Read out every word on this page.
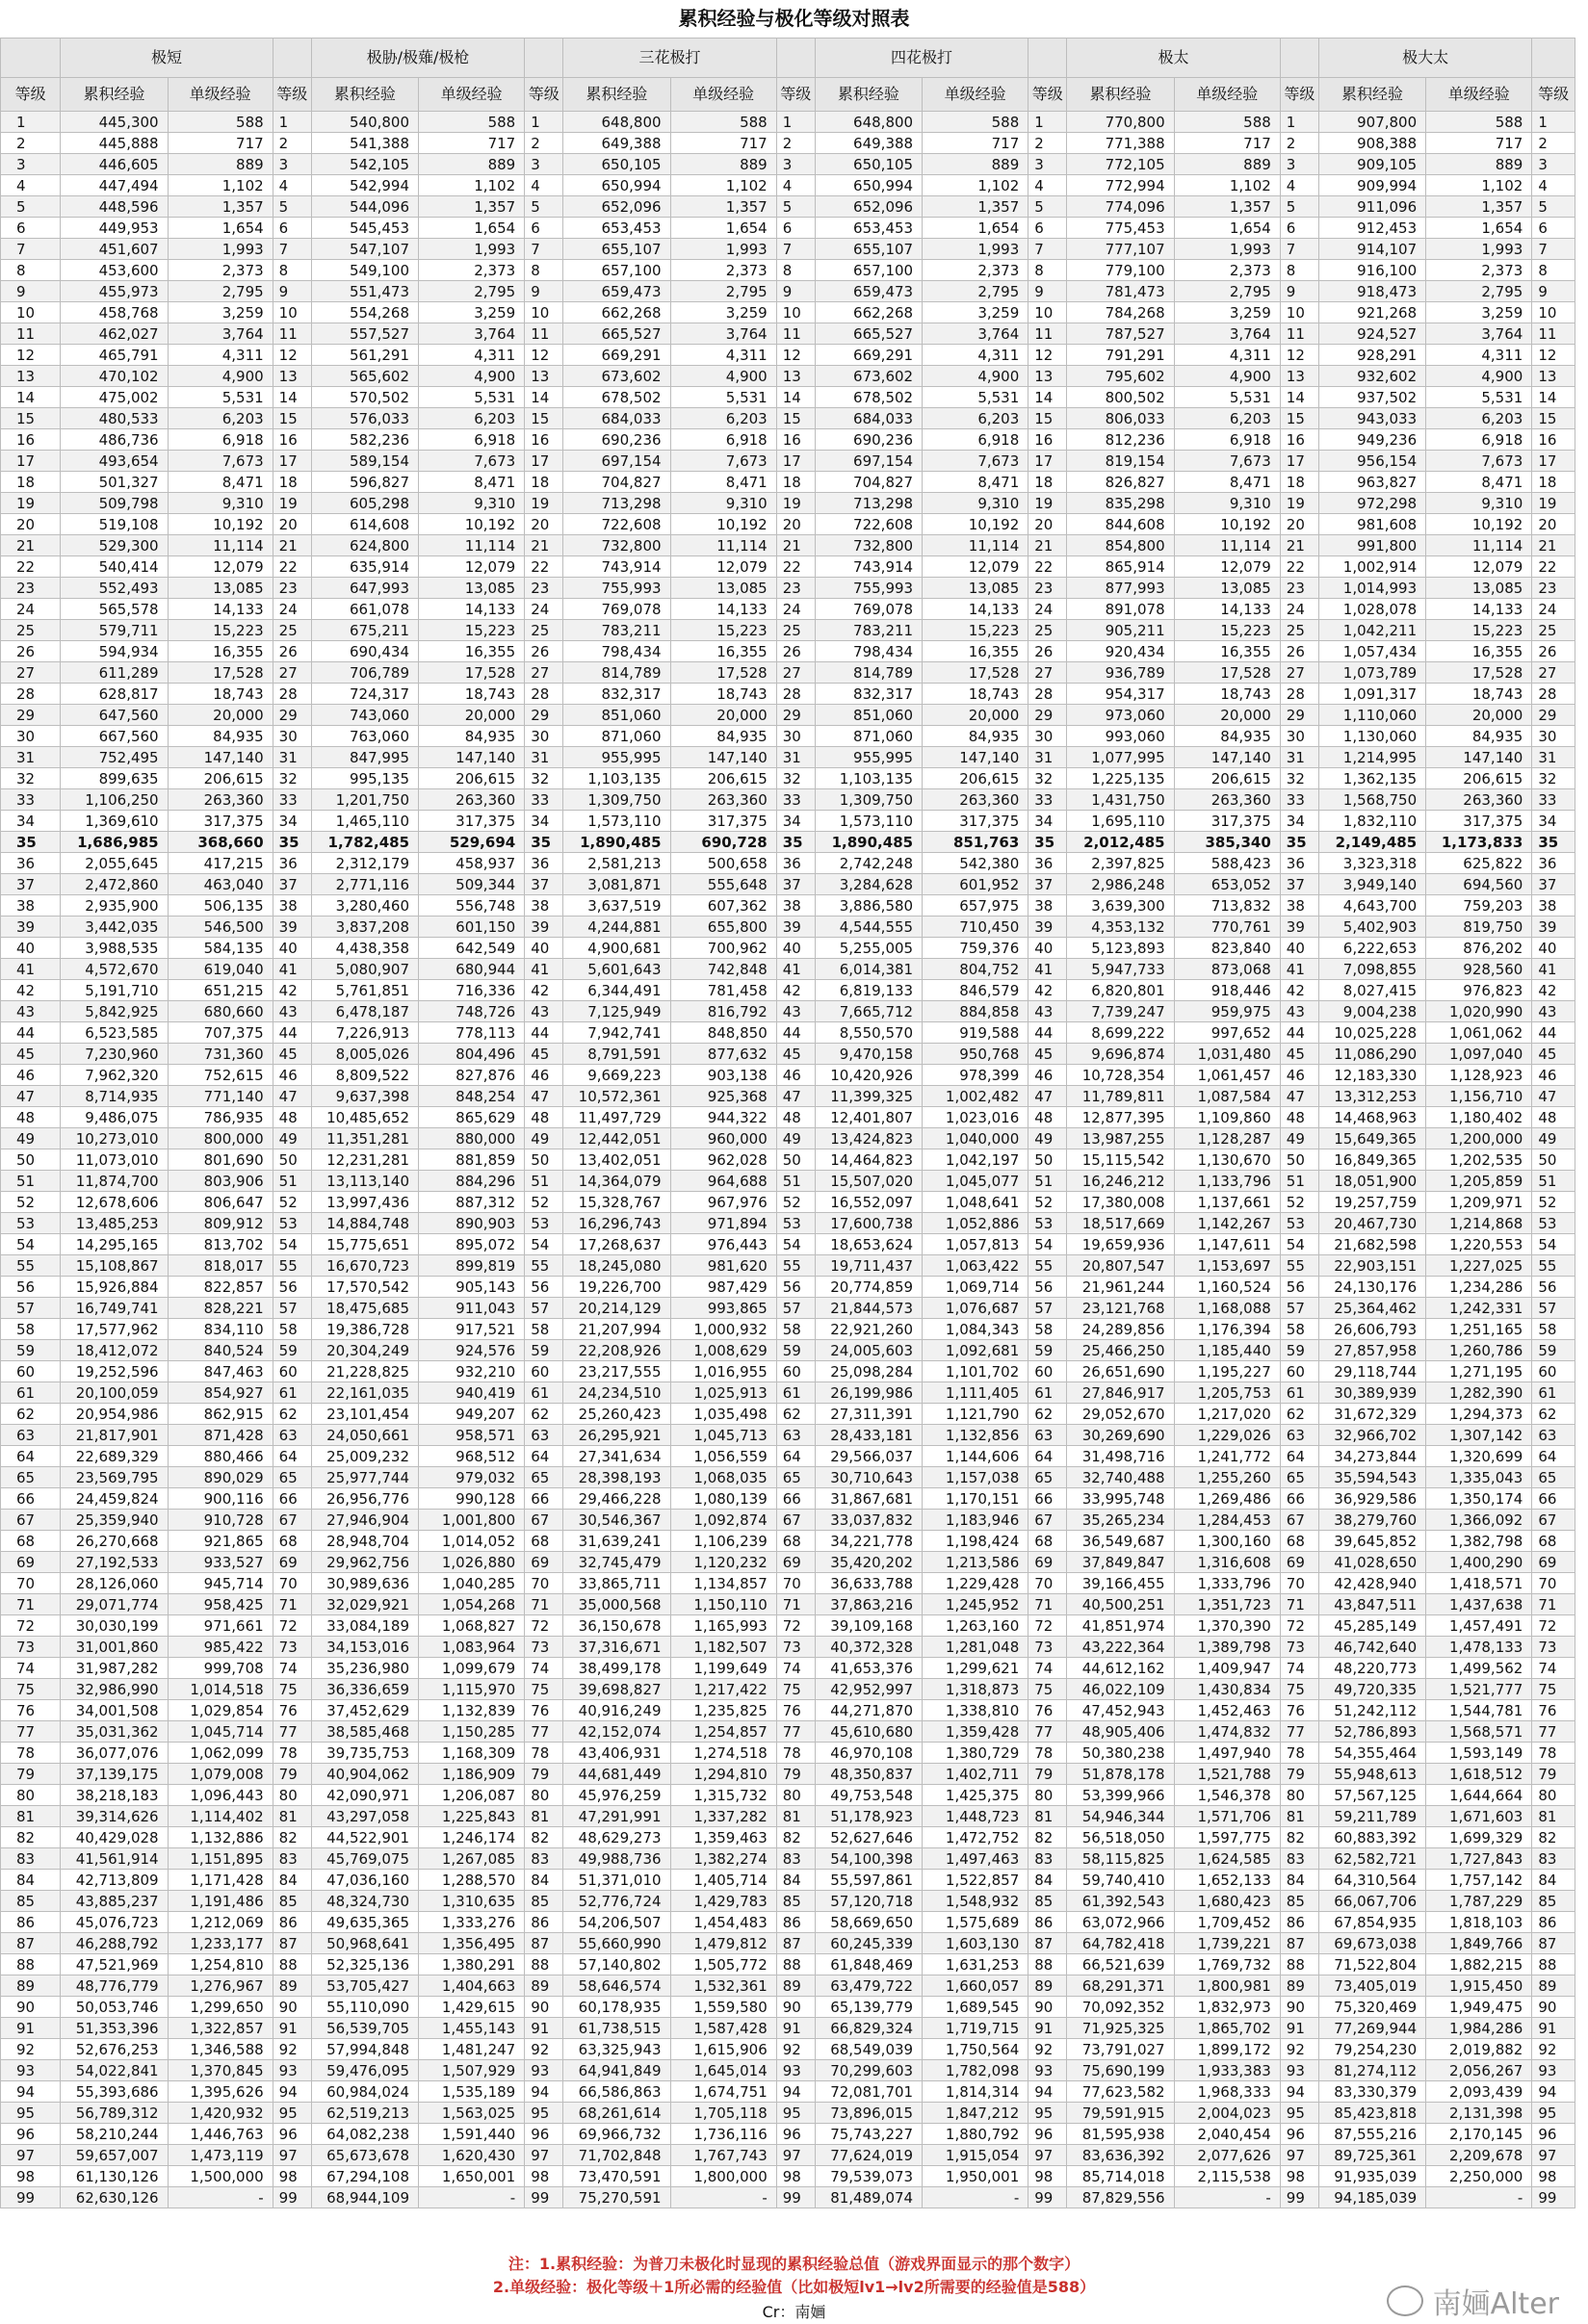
累积经验与极化等级对照表
	极短			极胁/极薙/极枪			三花极打			四花极打			极太			极大太		
等级	累积经验	单级经验	等级	累积经验	单级经验	等级	累积经验	单级经验	等级	累积经验	单级经验	等级	累积经验	单级经验	等级	累积经验	单级经验	等级
1	445,300	588	1	540,800	588	1	648,800	588	1	648,800	588	1	770,800	588	1	907,800	588	1
2	445,888	717	2	541,388	717	2	649,388	717	2	649,388	717	2	771,388	717	2	908,388	717	2
3	446,605	889	3	542,105	889	3	650,105	889	3	650,105	889	3	772,105	889	3	909,105	889	3
4	447,494	1,102	4	542,994	1,102	4	650,994	1,102	4	650,994	1,102	4	772,994	1,102	4	909,994	1,102	4
5	448,596	1,357	5	544,096	1,357	5	652,096	1,357	5	652,096	1,357	5	774,096	1,357	5	911,096	1,357	5
6	449,953	1,654	6	545,453	1,654	6	653,453	1,654	6	653,453	1,654	6	775,453	1,654	6	912,453	1,654	6
7	451,607	1,993	7	547,107	1,993	7	655,107	1,993	7	655,107	1,993	7	777,107	1,993	7	914,107	1,993	7
8	453,600	2,373	8	549,100	2,373	8	657,100	2,373	8	657,100	2,373	8	779,100	2,373	8	916,100	2,373	8
9	455,973	2,795	9	551,473	2,795	9	659,473	2,795	9	659,473	2,795	9	781,473	2,795	9	918,473	2,795	9
10	458,768	3,259	10	554,268	3,259	10	662,268	3,259	10	662,268	3,259	10	784,268	3,259	10	921,268	3,259	10
11	462,027	3,764	11	557,527	3,764	11	665,527	3,764	11	665,527	3,764	11	787,527	3,764	11	924,527	3,764	11
12	465,791	4,311	12	561,291	4,311	12	669,291	4,311	12	669,291	4,311	12	791,291	4,311	12	928,291	4,311	12
13	470,102	4,900	13	565,602	4,900	13	673,602	4,900	13	673,602	4,900	13	795,602	4,900	13	932,602	4,900	13
14	475,002	5,531	14	570,502	5,531	14	678,502	5,531	14	678,502	5,531	14	800,502	5,531	14	937,502	5,531	14
15	480,533	6,203	15	576,033	6,203	15	684,033	6,203	15	684,033	6,203	15	806,033	6,203	15	943,033	6,203	15
16	486,736	6,918	16	582,236	6,918	16	690,236	6,918	16	690,236	6,918	16	812,236	6,918	16	949,236	6,918	16
17	493,654	7,673	17	589,154	7,673	17	697,154	7,673	17	697,154	7,673	17	819,154	7,673	17	956,154	7,673	17
18	501,327	8,471	18	596,827	8,471	18	704,827	8,471	18	704,827	8,471	18	826,827	8,471	18	963,827	8,471	18
19	509,798	9,310	19	605,298	9,310	19	713,298	9,310	19	713,298	9,310	19	835,298	9,310	19	972,298	9,310	19
20	519,108	10,192	20	614,608	10,192	20	722,608	10,192	20	722,608	10,192	20	844,608	10,192	20	981,608	10,192	20
21	529,300	11,114	21	624,800	11,114	21	732,800	11,114	21	732,800	11,114	21	854,800	11,114	21	991,800	11,114	21
22	540,414	12,079	22	635,914	12,079	22	743,914	12,079	22	743,914	12,079	22	865,914	12,079	22	1,002,914	12,079	22
23	552,493	13,085	23	647,993	13,085	23	755,993	13,085	23	755,993	13,085	23	877,993	13,085	23	1,014,993	13,085	23
24	565,578	14,133	24	661,078	14,133	24	769,078	14,133	24	769,078	14,133	24	891,078	14,133	24	1,028,078	14,133	24
25	579,711	15,223	25	675,211	15,223	25	783,211	15,223	25	783,211	15,223	25	905,211	15,223	25	1,042,211	15,223	25
26	594,934	16,355	26	690,434	16,355	26	798,434	16,355	26	798,434	16,355	26	920,434	16,355	26	1,057,434	16,355	26
27	611,289	17,528	27	706,789	17,528	27	814,789	17,528	27	814,789	17,528	27	936,789	17,528	27	1,073,789	17,528	27
28	628,817	18,743	28	724,317	18,743	28	832,317	18,743	28	832,317	18,743	28	954,317	18,743	28	1,091,317	18,743	28
29	647,560	20,000	29	743,060	20,000	29	851,060	20,000	29	851,060	20,000	29	973,060	20,000	29	1,110,060	20,000	29
30	667,560	84,935	30	763,060	84,935	30	871,060	84,935	30	871,060	84,935	30	993,060	84,935	30	1,130,060	84,935	30
31	752,495	147,140	31	847,995	147,140	31	955,995	147,140	31	955,995	147,140	31	1,077,995	147,140	31	1,214,995	147,140	31
32	899,635	206,615	32	995,135	206,615	32	1,103,135	206,615	32	1,103,135	206,615	32	1,225,135	206,615	32	1,362,135	206,615	32
33	1,106,250	263,360	33	1,201,750	263,360	33	1,309,750	263,360	33	1,309,750	263,360	33	1,431,750	263,360	33	1,568,750	263,360	33
34	1,369,610	317,375	34	1,465,110	317,375	34	1,573,110	317,375	34	1,573,110	317,375	34	1,695,110	317,375	34	1,832,110	317,375	34
35	1,686,985	368,660	35	1,782,485	529,694	35	1,890,485	690,728	35	1,890,485	851,763	35	2,012,485	385,340	35	2,149,485	1,173,833	35
36	2,055,645	417,215	36	2,312,179	458,937	36	2,581,213	500,658	36	2,742,248	542,380	36	2,397,825	588,423	36	3,323,318	625,822	36
37	2,472,860	463,040	37	2,771,116	509,344	37	3,081,871	555,648	37	3,284,628	601,952	37	2,986,248	653,052	37	3,949,140	694,560	37
38	2,935,900	506,135	38	3,280,460	556,748	38	3,637,519	607,362	38	3,886,580	657,975	38	3,639,300	713,832	38	4,643,700	759,203	38
39	3,442,035	546,500	39	3,837,208	601,150	39	4,244,881	655,800	39	4,544,555	710,450	39	4,353,132	770,761	39	5,402,903	819,750	39
40	3,988,535	584,135	40	4,438,358	642,549	40	4,900,681	700,962	40	5,255,005	759,376	40	5,123,893	823,840	40	6,222,653	876,202	40
41	4,572,670	619,040	41	5,080,907	680,944	41	5,601,643	742,848	41	6,014,381	804,752	41	5,947,733	873,068	41	7,098,855	928,560	41
42	5,191,710	651,215	42	5,761,851	716,336	42	6,344,491	781,458	42	6,819,133	846,579	42	6,820,801	918,446	42	8,027,415	976,823	42
43	5,842,925	680,660	43	6,478,187	748,726	43	7,125,949	816,792	43	7,665,712	884,858	43	7,739,247	959,975	43	9,004,238	1,020,990	43
44	6,523,585	707,375	44	7,226,913	778,113	44	7,942,741	848,850	44	8,550,570	919,588	44	8,699,222	997,652	44	10,025,228	1,061,062	44
45	7,230,960	731,360	45	8,005,026	804,496	45	8,791,591	877,632	45	9,470,158	950,768	45	9,696,874	1,031,480	45	11,086,290	1,097,040	45
46	7,962,320	752,615	46	8,809,522	827,876	46	9,669,223	903,138	46	10,420,926	978,399	46	10,728,354	1,061,457	46	12,183,330	1,128,923	46
47	8,714,935	771,140	47	9,637,398	848,254	47	10,572,361	925,368	47	11,399,325	1,002,482	47	11,789,811	1,087,584	47	13,312,253	1,156,710	47
48	9,486,075	786,935	48	10,485,652	865,629	48	11,497,729	944,322	48	12,401,807	1,023,016	48	12,877,395	1,109,860	48	14,468,963	1,180,402	48
49	10,273,010	800,000	49	11,351,281	880,000	49	12,442,051	960,000	49	13,424,823	1,040,000	49	13,987,255	1,128,287	49	15,649,365	1,200,000	49
50	11,073,010	801,690	50	12,231,281	881,859	50	13,402,051	962,028	50	14,464,823	1,042,197	50	15,115,542	1,130,670	50	16,849,365	1,202,535	50
51	11,874,700	803,906	51	13,113,140	884,296	51	14,364,079	964,688	51	15,507,020	1,045,077	51	16,246,212	1,133,796	51	18,051,900	1,205,859	51
52	12,678,606	806,647	52	13,997,436	887,312	52	15,328,767	967,976	52	16,552,097	1,048,641	52	17,380,008	1,137,661	52	19,257,759	1,209,971	52
53	13,485,253	809,912	53	14,884,748	890,903	53	16,296,743	971,894	53	17,600,738	1,052,886	53	18,517,669	1,142,267	53	20,467,730	1,214,868	53
54	14,295,165	813,702	54	15,775,651	895,072	54	17,268,637	976,443	54	18,653,624	1,057,813	54	19,659,936	1,147,611	54	21,682,598	1,220,553	54
55	15,108,867	818,017	55	16,670,723	899,819	55	18,245,080	981,620	55	19,711,437	1,063,422	55	20,807,547	1,153,697	55	22,903,151	1,227,025	55
56	15,926,884	822,857	56	17,570,542	905,143	56	19,226,700	987,429	56	20,774,859	1,069,714	56	21,961,244	1,160,524	56	24,130,176	1,234,286	56
57	16,749,741	828,221	57	18,475,685	911,043	57	20,214,129	993,865	57	21,844,573	1,076,687	57	23,121,768	1,168,088	57	25,364,462	1,242,331	57
58	17,577,962	834,110	58	19,386,728	917,521	58	21,207,994	1,000,932	58	22,921,260	1,084,343	58	24,289,856	1,176,394	58	26,606,793	1,251,165	58
59	18,412,072	840,524	59	20,304,249	924,576	59	22,208,926	1,008,629	59	24,005,603	1,092,681	59	25,466,250	1,185,440	59	27,857,958	1,260,786	59
60	19,252,596	847,463	60	21,228,825	932,210	60	23,217,555	1,016,955	60	25,098,284	1,101,702	60	26,651,690	1,195,227	60	29,118,744	1,271,195	60
61	20,100,059	854,927	61	22,161,035	940,419	61	24,234,510	1,025,913	61	26,199,986	1,111,405	61	27,846,917	1,205,753	61	30,389,939	1,282,390	61
62	20,954,986	862,915	62	23,101,454	949,207	62	25,260,423	1,035,498	62	27,311,391	1,121,790	62	29,052,670	1,217,020	62	31,672,329	1,294,373	62
63	21,817,901	871,428	63	24,050,661	958,571	63	26,295,921	1,045,713	63	28,433,181	1,132,856	63	30,269,690	1,229,026	63	32,966,702	1,307,142	63
64	22,689,329	880,466	64	25,009,232	968,512	64	27,341,634	1,056,559	64	29,566,037	1,144,606	64	31,498,716	1,241,772	64	34,273,844	1,320,699	64
65	23,569,795	890,029	65	25,977,744	979,032	65	28,398,193	1,068,035	65	30,710,643	1,157,038	65	32,740,488	1,255,260	65	35,594,543	1,335,043	65
66	24,459,824	900,116	66	26,956,776	990,128	66	29,466,228	1,080,139	66	31,867,681	1,170,151	66	33,995,748	1,269,486	66	36,929,586	1,350,174	66
67	25,359,940	910,728	67	27,946,904	1,001,800	67	30,546,367	1,092,874	67	33,037,832	1,183,946	67	35,265,234	1,284,453	67	38,279,760	1,366,092	67
68	26,270,668	921,865	68	28,948,704	1,014,052	68	31,639,241	1,106,239	68	34,221,778	1,198,424	68	36,549,687	1,300,160	68	39,645,852	1,382,798	68
69	27,192,533	933,527	69	29,962,756	1,026,880	69	32,745,479	1,120,232	69	35,420,202	1,213,586	69	37,849,847	1,316,608	69	41,028,650	1,400,290	69
70	28,126,060	945,714	70	30,989,636	1,040,285	70	33,865,711	1,134,857	70	36,633,788	1,229,428	70	39,166,455	1,333,796	70	42,428,940	1,418,571	70
71	29,071,774	958,425	71	32,029,921	1,054,268	71	35,000,568	1,150,110	71	37,863,216	1,245,952	71	40,500,251	1,351,723	71	43,847,511	1,437,638	71
72	30,030,199	971,661	72	33,084,189	1,068,827	72	36,150,678	1,165,993	72	39,109,168	1,263,160	72	41,851,974	1,370,390	72	45,285,149	1,457,491	72
73	31,001,860	985,422	73	34,153,016	1,083,964	73	37,316,671	1,182,507	73	40,372,328	1,281,048	73	43,222,364	1,389,798	73	46,742,640	1,478,133	73
74	31,987,282	999,708	74	35,236,980	1,099,679	74	38,499,178	1,199,649	74	41,653,376	1,299,621	74	44,612,162	1,409,947	74	48,220,773	1,499,562	74
75	32,986,990	1,014,518	75	36,336,659	1,115,970	75	39,698,827	1,217,422	75	42,952,997	1,318,873	75	46,022,109	1,430,834	75	49,720,335	1,521,777	75
76	34,001,508	1,029,854	76	37,452,629	1,132,839	76	40,916,249	1,235,825	76	44,271,870	1,338,810	76	47,452,943	1,452,463	76	51,242,112	1,544,781	76
77	35,031,362	1,045,714	77	38,585,468	1,150,285	77	42,152,074	1,254,857	77	45,610,680	1,359,428	77	48,905,406	1,474,832	77	52,786,893	1,568,571	77
78	36,077,076	1,062,099	78	39,735,753	1,168,309	78	43,406,931	1,274,518	78	46,970,108	1,380,729	78	50,380,238	1,497,940	78	54,355,464	1,593,149	78
79	37,139,175	1,079,008	79	40,904,062	1,186,909	79	44,681,449	1,294,810	79	48,350,837	1,402,711	79	51,878,178	1,521,788	79	55,948,613	1,618,512	79
80	38,218,183	1,096,443	80	42,090,971	1,206,087	80	45,976,259	1,315,732	80	49,753,548	1,425,375	80	53,399,966	1,546,378	80	57,567,125	1,644,664	80
81	39,314,626	1,114,402	81	43,297,058	1,225,843	81	47,291,991	1,337,282	81	51,178,923	1,448,723	81	54,946,344	1,571,706	81	59,211,789	1,671,603	81
82	40,429,028	1,132,886	82	44,522,901	1,246,174	82	48,629,273	1,359,463	82	52,627,646	1,472,752	82	56,518,050	1,597,775	82	60,883,392	1,699,329	82
83	41,561,914	1,151,895	83	45,769,075	1,267,085	83	49,988,736	1,382,274	83	54,100,398	1,497,463	83	58,115,825	1,624,585	83	62,582,721	1,727,843	83
84	42,713,809	1,171,428	84	47,036,160	1,288,570	84	51,371,010	1,405,714	84	55,597,861	1,522,857	84	59,740,410	1,652,133	84	64,310,564	1,757,142	84
85	43,885,237	1,191,486	85	48,324,730	1,310,635	85	52,776,724	1,429,783	85	57,120,718	1,548,932	85	61,392,543	1,680,423	85	66,067,706	1,787,229	85
86	45,076,723	1,212,069	86	49,635,365	1,333,276	86	54,206,507	1,454,483	86	58,669,650	1,575,689	86	63,072,966	1,709,452	86	67,854,935	1,818,103	86
87	46,288,792	1,233,177	87	50,968,641	1,356,495	87	55,660,990	1,479,812	87	60,245,339	1,603,130	87	64,782,418	1,739,221	87	69,673,038	1,849,766	87
88	47,521,969	1,254,810	88	52,325,136	1,380,291	88	57,140,802	1,505,772	88	61,848,469	1,631,253	88	66,521,639	1,769,732	88	71,522,804	1,882,215	88
89	48,776,779	1,276,967	89	53,705,427	1,404,663	89	58,646,574	1,532,361	89	63,479,722	1,660,057	89	68,291,371	1,800,981	89	73,405,019	1,915,450	89
90	50,053,746	1,299,650	90	55,110,090	1,429,615	90	60,178,935	1,559,580	90	65,139,779	1,689,545	90	70,092,352	1,832,973	90	75,320,469	1,949,475	90
91	51,353,396	1,322,857	91	56,539,705	1,455,143	91	61,738,515	1,587,428	91	66,829,324	1,719,715	91	71,925,325	1,865,702	91	77,269,944	1,984,286	91
92	52,676,253	1,346,588	92	57,994,848	1,481,247	92	63,325,943	1,615,906	92	68,549,039	1,750,564	92	73,791,027	1,899,172	92	79,254,230	2,019,882	92
93	54,022,841	1,370,845	93	59,476,095	1,507,929	93	64,941,849	1,645,014	93	70,299,603	1,782,098	93	75,690,199	1,933,383	93	81,274,112	2,056,267	93
94	55,393,686	1,395,626	94	60,984,024	1,535,189	94	66,586,863	1,674,751	94	72,081,701	1,814,314	94	77,623,582	1,968,333	94	83,330,379	2,093,439	94
95	56,789,312	1,420,932	95	62,519,213	1,563,025	95	68,261,614	1,705,118	95	73,896,015	1,847,212	95	79,591,915	2,004,023	95	85,423,818	2,131,398	95
96	58,210,244	1,446,763	96	64,082,238	1,591,440	96	69,966,732	1,736,116	96	75,743,227	1,880,792	96	81,595,938	2,040,454	96	87,555,216	2,170,145	96
97	59,657,007	1,473,119	97	65,673,678	1,620,430	97	71,702,848	1,767,743	97	77,624,019	1,915,054	97	83,636,392	2,077,626	97	89,725,361	2,209,678	97
98	61,130,126	1,500,000	98	67,294,108	1,650,001	98	73,470,591	1,800,000	98	79,539,073	1,950,001	98	85,714,018	2,115,538	98	91,935,039	2,250,000	98
99	62,630,126	-	99	68,944,109	-	99	75,270,591	-	99	81,489,074	-	99	87,829,556	-	99	94,185,039	-	99
注：1.累积经验：为普刀未极化时显现的累积经验总值（游戏界面显示的那个数字）
2.单级经验：极化等级＋1所必需的经验值（比如极短lv1→lv2所需要的经验值是588）
Cr：南婳	南婳Alter
